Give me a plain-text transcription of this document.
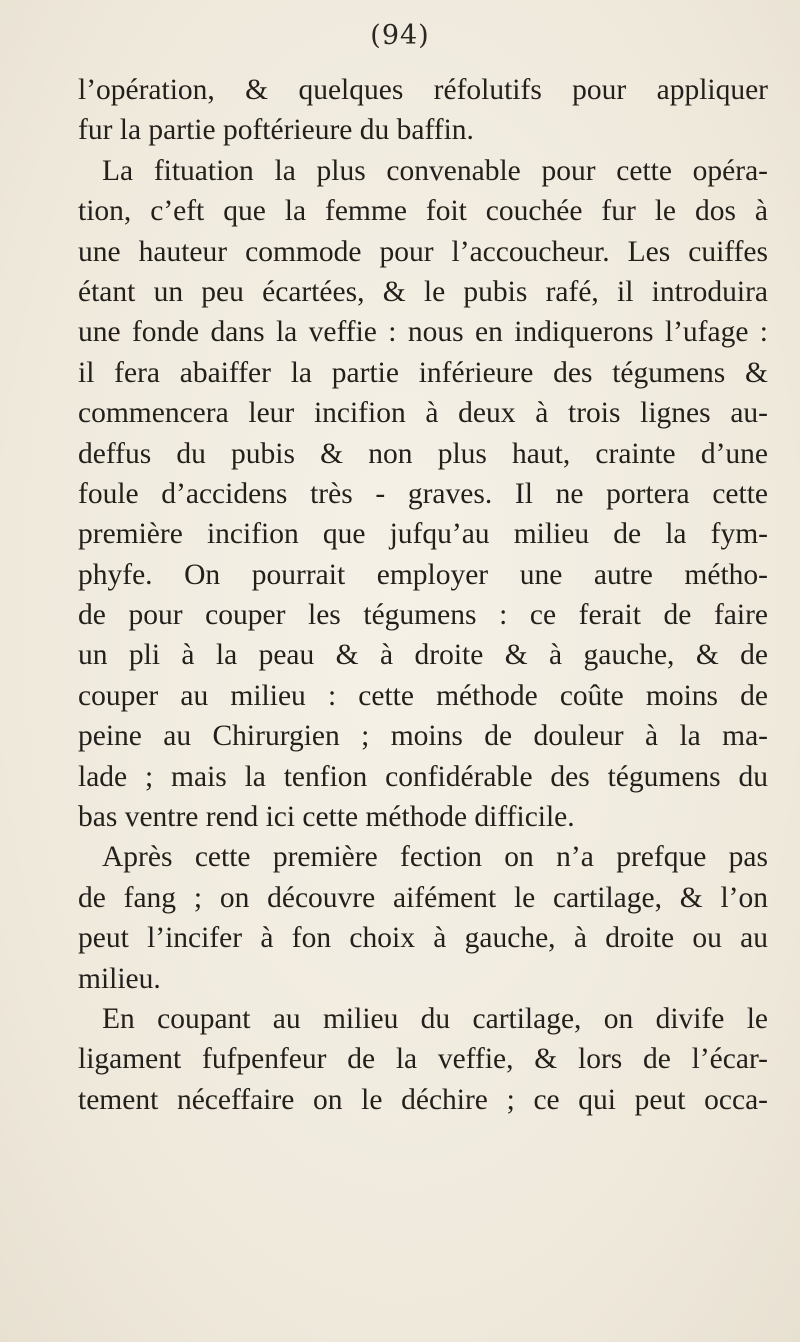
(94)
l’opération, & quelques réfolutifs pour appliquer
fur la partie poftérieure du baffin.
La fituation la plus convenable pour cette opéra-
tion, c’eft que la femme foit couchée fur le dos à
une hauteur commode pour l’accoucheur. Les cuiffes
étant un peu écartées, & le pubis rafé, il introduira
une fonde dans la veffie : nous en indiquerons l’ufage :
il fera abaiffer la partie inférieure des tégumens &
commencera leur incifion à deux à trois lignes au-
deffus du pubis & non plus haut, crainte d’une
foule d’accidens très - graves. Il ne portera cette
première incifion que jufqu’au milieu de la fym-
phyfe. On pourrait employer une autre métho-
de pour couper les tégumens : ce ferait de faire
un pli à la peau & à droite & à gauche, & de
couper au milieu : cette méthode coûte moins de
peine au Chirurgien ; moins de douleur à la ma-
lade ; mais la tenfion confidérable des tégumens du
bas ventre rend ici cette méthode difficile.
Après cette première fection on n’a prefque pas
de fang ; on découvre aifément le cartilage, & l’on
peut l’incifer à fon choix à gauche, à droite ou au
milieu.
En coupant au milieu du cartilage, on divife le
ligament fufpenfeur de la veffie, & lors de l’écar-
tement néceffaire on le déchire ; ce qui peut occa-
